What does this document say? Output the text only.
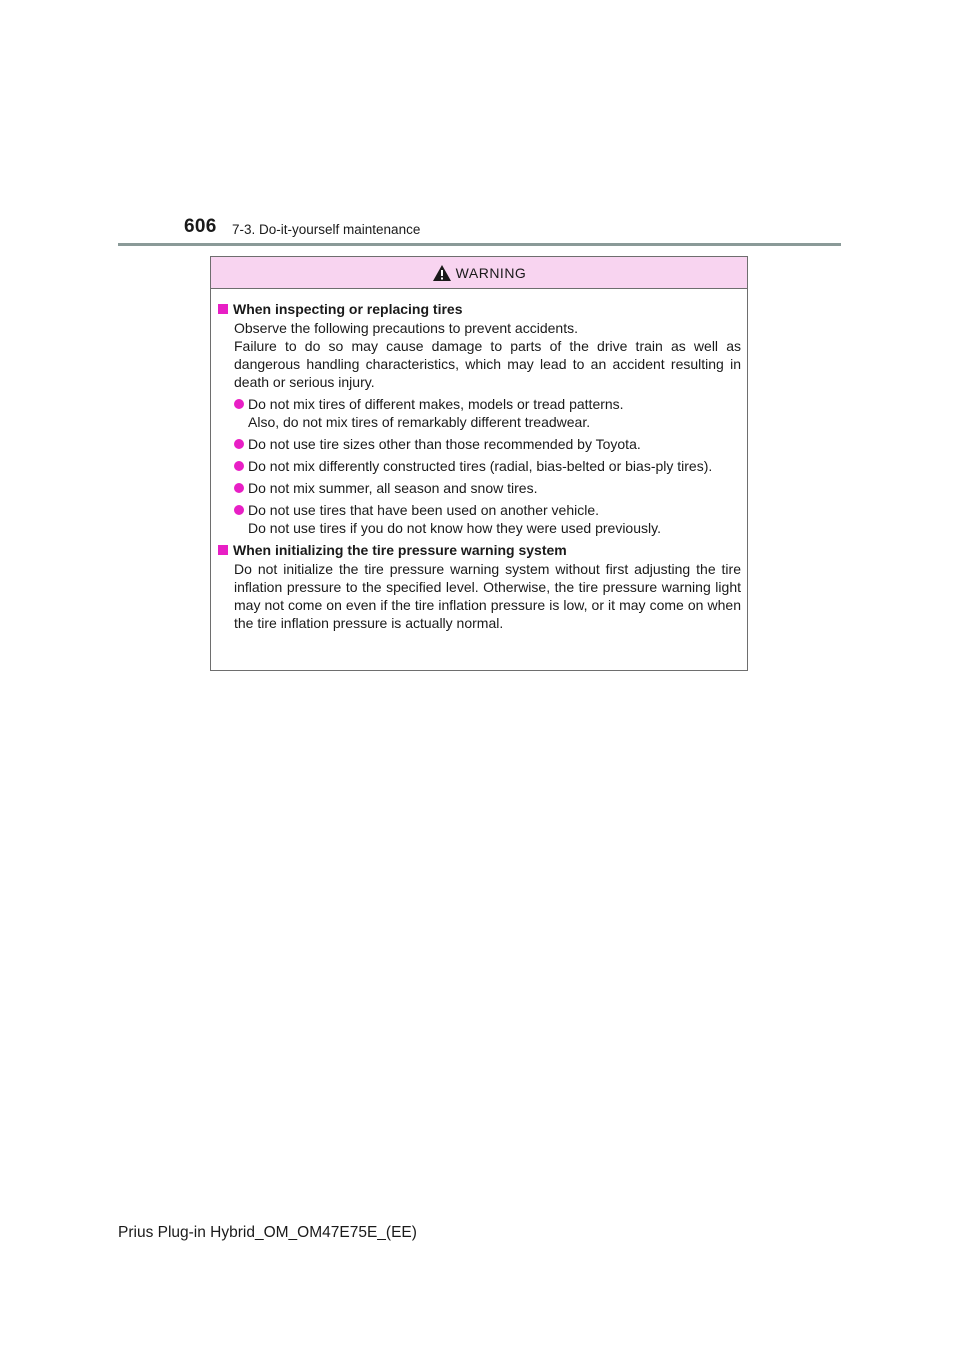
606 7-3. Do-it-yourself maintenance
WARNING
When inspecting or replacing tires
Observe the following precautions to prevent accidents.
Failure to do so may cause damage to parts of the drive train as well as dangerous handling characteristics, which may lead to an accident resulting in death or serious injury.
Do not mix tires of different makes, models or tread patterns.
Also, do not mix tires of remarkably different treadwear.
Do not use tire sizes other than those recommended by Toyota.
Do not mix differently constructed tires (radial, bias-belted or bias-ply tires).
Do not mix summer, all season and snow tires.
Do not use tires that have been used on another vehicle.
Do not use tires if you do not know how they were used previously.
When initializing the tire pressure warning system
Do not initialize the tire pressure warning system without first adjusting the tire inflation pressure to the specified level. Otherwise, the tire pressure warning light may not come on even if the tire inflation pressure is low, or it may come on when the tire inflation pressure is actually normal.
Prius Plug-in Hybrid_OM_OM47E75E_(EE)
